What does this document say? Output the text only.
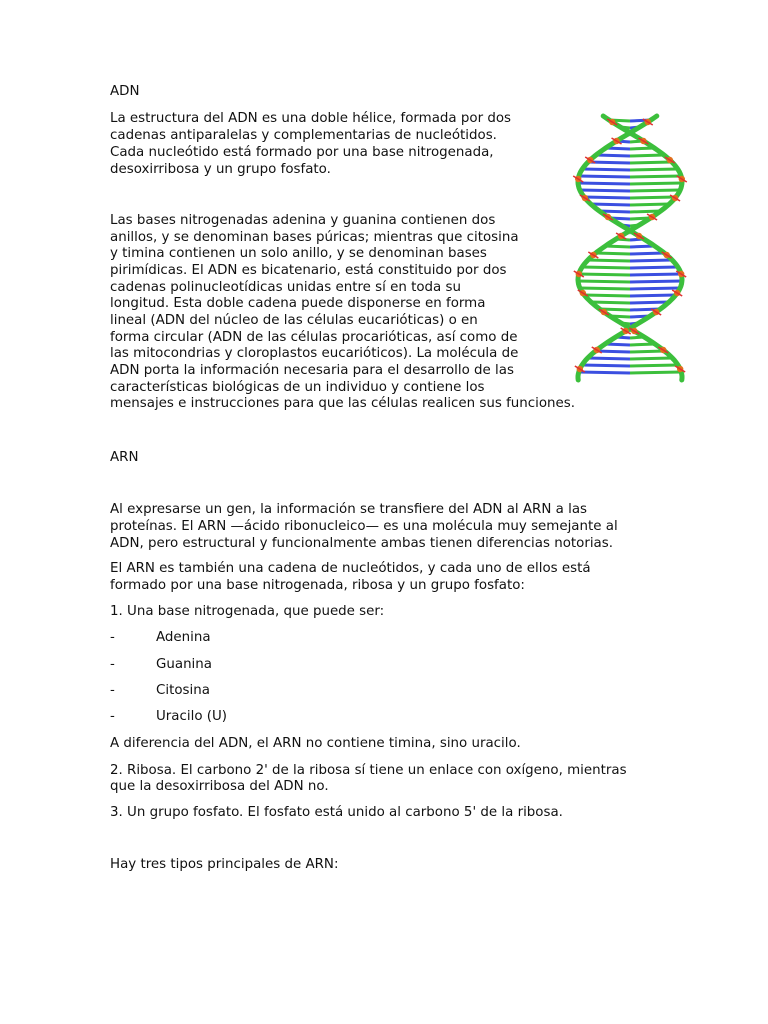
ADN

La estructura del ADN es una doble hélice, formada por dos

cadenas antiparalelas y complementarias de nucleótidos.

Cada nucleótido está formado por una base nitrogenada,

desoxirribosa y un grupo fosfato.

Las bases nitrogenadas adenina y guanina contienen dos

anillos, y se denominan bases púricas; mientras que citosina

y timina contienen un solo anillo, y se denominan bases

pirimídicas. El ADN es bicatenario, está constituido por dos

cadenas polinucleotídicas unidas entre sí en toda su

longitud. Esta doble cadena puede disponerse en forma

lineal (ADN del núcleo de las células eucarióticas) o en

forma circular (ADN de las células procarióticas, así como de

las mitocondrias y cloroplastos eucarióticos). La molécula de

ADN porta la información necesaria para el desarrollo de las

características biológicas de un individuo y contiene los

mensajes e instrucciones para que las células realicen sus funciones.

ARN

Al expresarse un gen, la información se transfiere del ADN al ARN a las

proteínas. El ARN —ácido ribonucleico— es una molécula muy semejante al

ADN, pero estructural y funcionalmente ambas tienen diferencias notorias.

El ARN es también una cadena de nucleótidos, y cada uno de ellos está

formado por una base nitrogenada, ribosa y un grupo fosfato:

1. Una base nitrogenada, que puede ser:

-	Adenina

-	Guanina

-	Citosina

-	Uracilo (U)

A diferencia del ADN, el ARN no contiene timina, sino uracilo.

2. Ribosa. El carbono 2' de la ribosa sí tiene un enlace con oxígeno, mientras

que la desoxirribosa del ADN no.

3. Un grupo fosfato. El fosfato está unido al carbono 5' de la ribosa.

Hay tres tipos principales de ARN:
